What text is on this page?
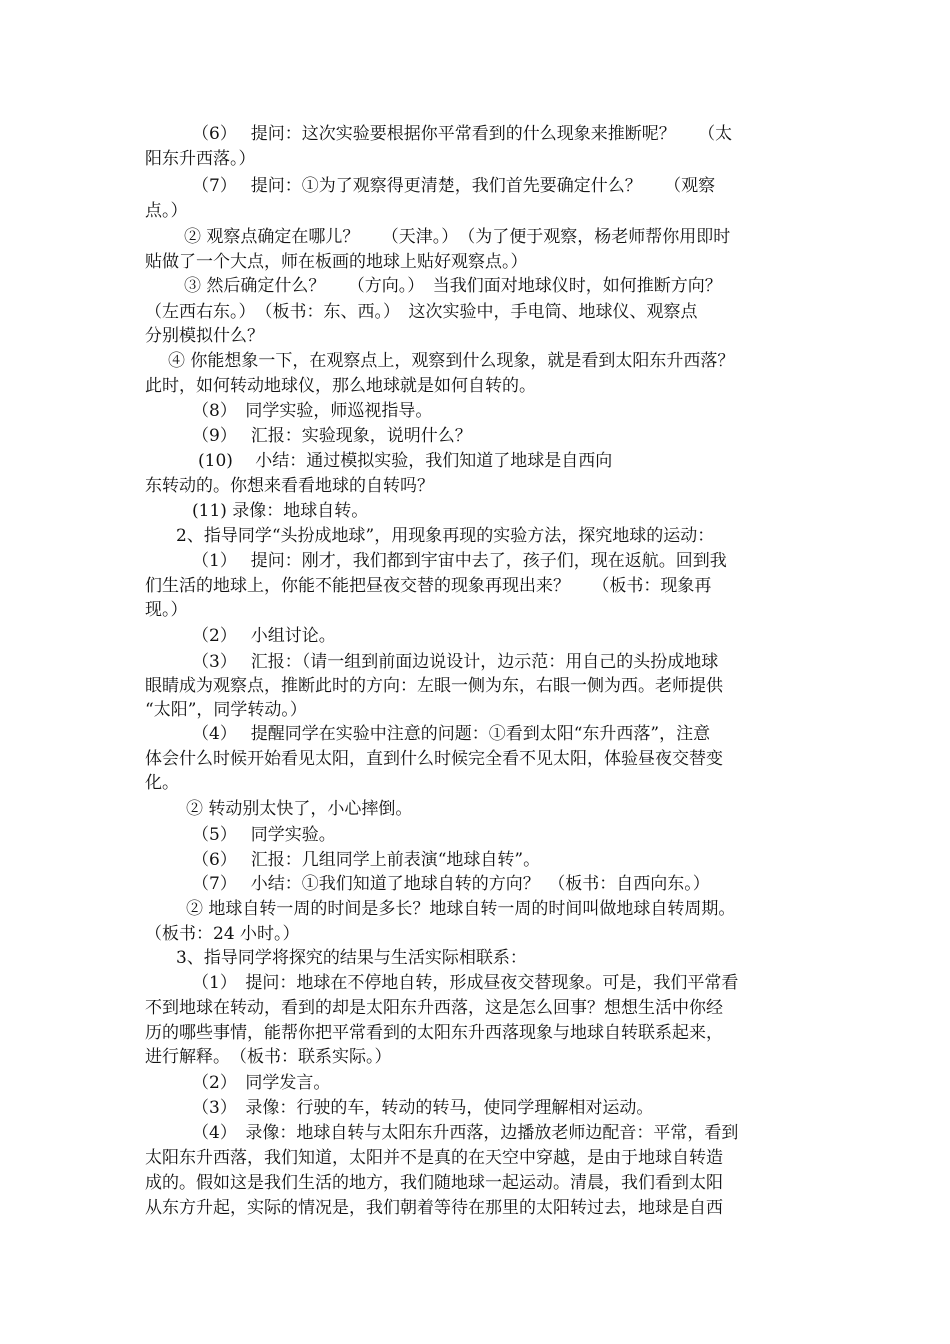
（6）　 提问：这次实验要根据你平常看到的什么现象来推断呢？　 （太
阳东升西落。）
（7）　 提问：①为了观察得更清楚，我们首先要确定什么？　 （观察
点。）
② 观察点确定在哪儿？　 （天津。）　（为了便于观察，杨老师帮你用即时
贴做了一个大点，师在板画的地球上贴好观察点。）
③ 然后确定什么？　 （方向。）　当我们面对地球仪时，如何推断方向？
（左西右东。）　（板书：东、西。）　这次实验中，手电筒、地球仪、观察点
分别模拟什么？
④ 你能想象一下，在观察点上，观察到什么现象，就是看到太阳东升西落？
此时，如何转动地球仪，那么地球就是如何自转的。
（8）　同学实验，师巡视指导。
（9）　 汇报：实验现象，说明什么？
(10)　 小结：通过模拟实验，我们知道了地球是自西向
东转动的。你想来看看地球的自转吗？
(11) 录像：地球自转。
2、指导同学“头扮成地球”，用现象再现的实验方法，探究地球的运动：
（1）　 提问：刚才，我们都到宇宙中去了，孩子们，现在返航。回到我
们生活的地球上，你能不能把昼夜交替的现象再现出来？　 （板书：现象再
现。）
（2）　 小组讨论。
（3）　 汇报：（请一组到前面边说设计，边示范：用自己的头扮成地球
眼睛成为观察点，推断此时的方向：左眼一侧为东，右眼一侧为西。老师提供
“太阳”，同学转动。）
（4）　 提醒同学在实验中注意的问题：①看到太阳“东升西落”，注意
体会什么时候开始看见太阳，直到什么时候完全看不见太阳，体验昼夜交替变
化。
② 转动别太快了，小心摔倒。
（5）　 同学实验。
（6）　 汇报：几组同学上前表演“地球自转”。
（7）　 小结：①我们知道了地球自转的方向？　（板书：自西向东。）
② 地球自转一周的时间是多长？地球自转一周的时间叫做地球自转周期。
（板书：24 小时。）
3、指导同学将探究的结果与生活实际相联系：
（1）　提问：地球在不停地自转，形成昼夜交替现象。可是，我们平常看
不到地球在转动，看到的却是太阳东升西落，这是怎么回事？想想生活中你经
历的哪些事情，能帮你把平常看到的太阳东升西落现象与地球自转联系起来，
进行解释。　（板书：联系实际。）
（2）　同学发言。
（3）　录像：行驶的车，转动的转马，使同学理解相对运动。
（4）　录像：地球自转与太阳东升西落，边播放老师边配音：平常，看到
太阳东升西落，我们知道，太阳并不是真的在天空中穿越，是由于地球自转造
成的。假如这是我们生活的地方，我们随地球一起运动。清晨，我们看到太阳
从东方升起，实际的情况是，我们朝着等待在那里的太阳转过去，地球是自西
